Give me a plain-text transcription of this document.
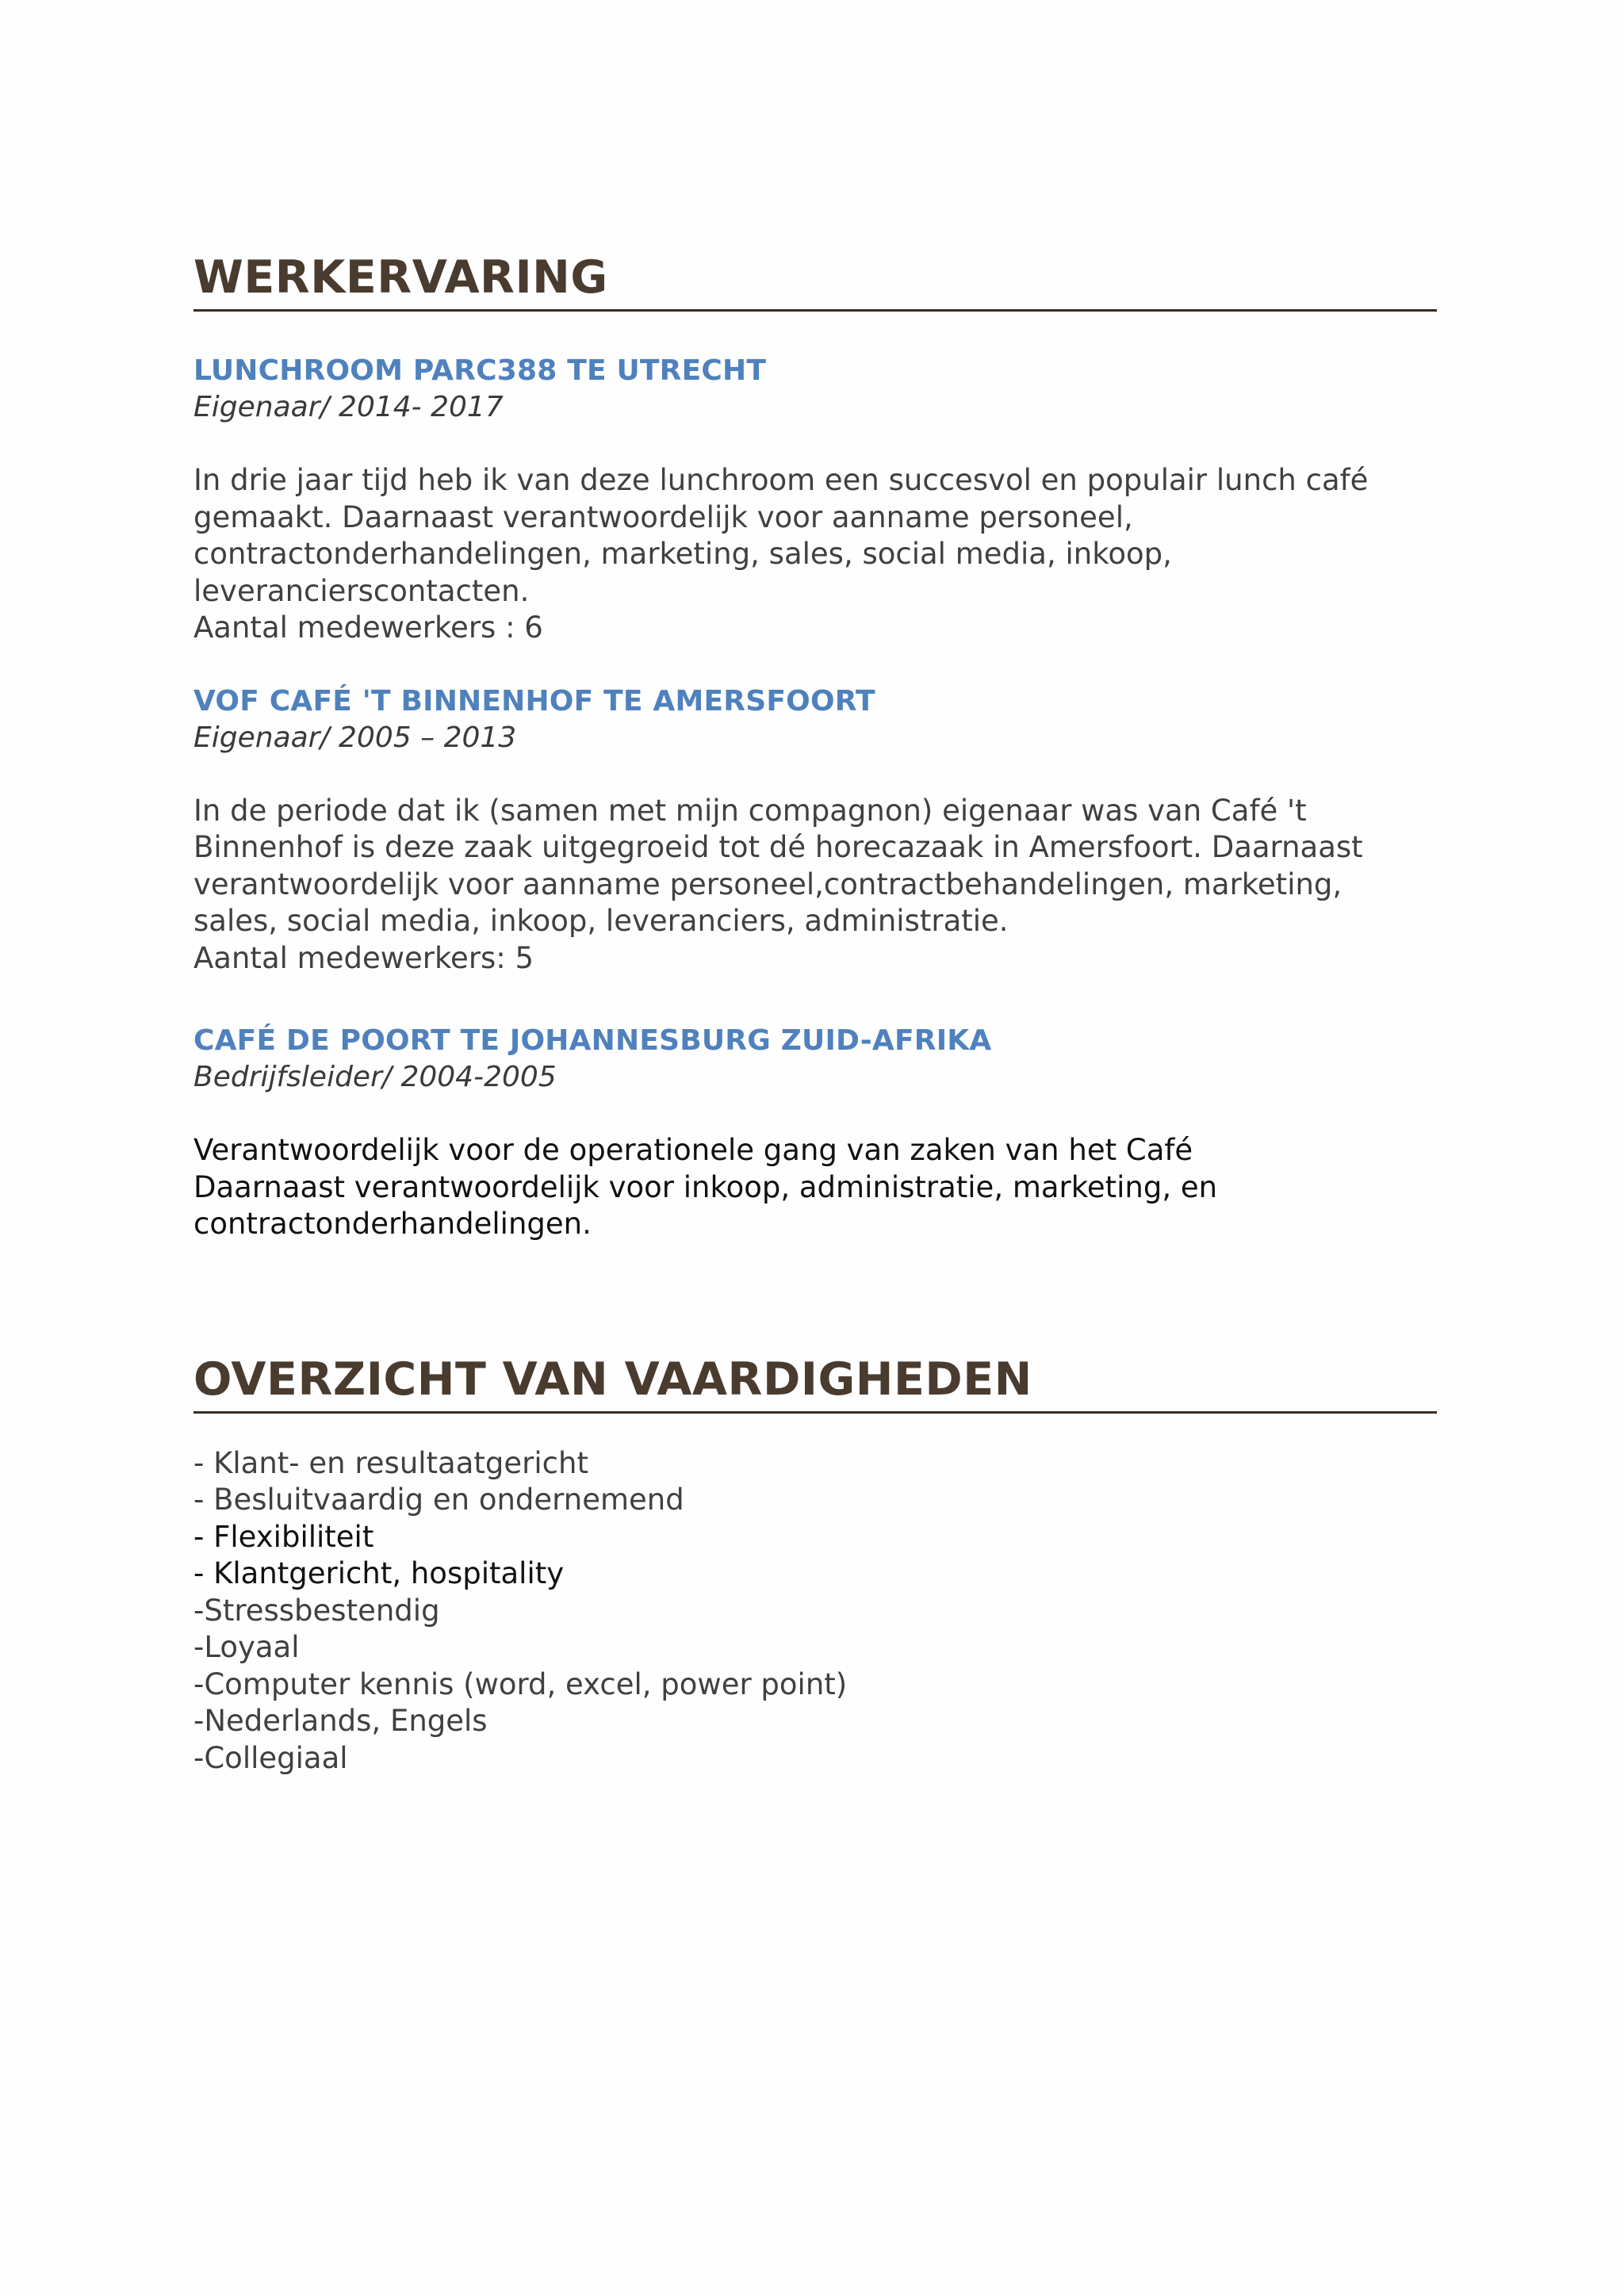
WERKERVARING
LUNCHROOM PARC388 TE UTRECHT

Eigenaar/ 2014- 2017

In drie jaar tijd heb ik van deze lunchroom een succesvol en populair lunch café
gemaakt. Daarnaast verantwoordelijk voor aanname personeel,
contractonderhandelingen, marketing, sales, social media, inkoop,
leverancierscontacten.

Aantal medewerkers : 6

VOF CAFÉ 'T BINNENHOF TE AMERSFOORT

Eigenaar/ 2005 – 2013

In de periode dat ik (samen met mijn compagnon) eigenaar was van Café 't
Binnenhof is deze zaak uitgegroeid tot dé horecazaak in Amersfoort. Daarnaast
verantwoordelijk voor aanname personeel,contractbehandelingen, marketing,
sales, social media, inkoop, leveranciers, administratie.

Aantal medewerkers: 5

CAFÉ DE POORT TE JOHANNESBURG ZUID-AFRIKA

Bedrijfsleider/ 2004-2005

Verantwoordelijk voor de operationele gang van zaken van het Café
Daarnaast verantwoordelijk voor inkoop, administratie, marketing, en
contractonderhandelingen.

OVERZICHT VAN VAARDIGHEDEN
- Klant- en resultaatgericht
- Besluitvaardig en ondernemend
- Flexibiliteit
- Klantgericht, hospitality
-Stressbestendig
-Loyaal
-Computer kennis (word, excel, power point)
-Nederlands, Engels
-Collegiaal
